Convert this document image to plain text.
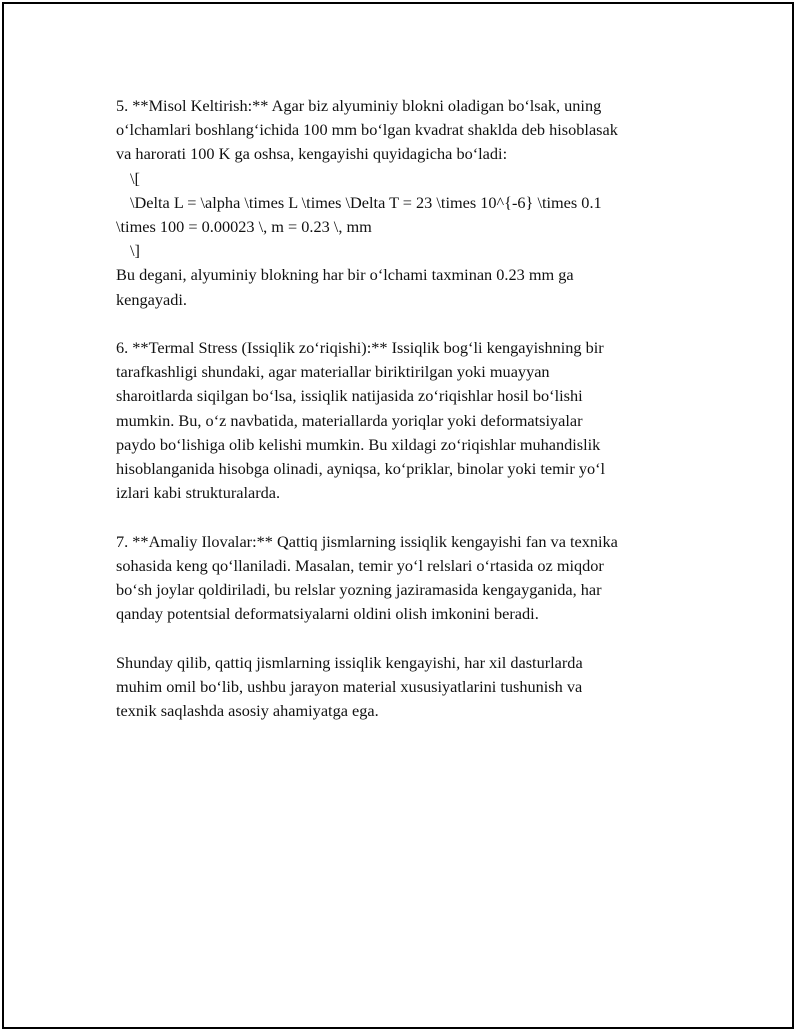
5. **Misol Keltirish:** Agar biz alyuminiy blokni oladigan bo‘lsak, uning
o‘lchamlari boshlang‘ichida 100 mm bo‘lgan kvadrat shaklda deb hisoblasak
va harorati 100 K ga oshsa, kengayishi quyidagicha bo‘ladi:
\[
\Delta L = \alpha \times L \times \Delta T = 23 \times 10^{-6} \times 0.1
\times 100 = 0.00023 \, m = 0.23 \, mm
\]
Bu degani, alyuminiy blokning har bir o‘lchami taxminan 0.23 mm ga
kengayadi.
6. **Termal Stress (Issiqlik zo‘riqishi):** Issiqlik bog‘li kengayishning bir
tarafkashligi shundaki, agar materiallar biriktirilgan yoki muayyan
sharoitlarda siqilgan bo‘lsa, issiqlik natijasida zo‘riqishlar hosil bo‘lishi
mumkin. Bu, o‘z navbatida, materiallarda yoriqlar yoki deformatsiyalar
paydo bo‘lishiga olib kelishi mumkin. Bu xildagi zo‘riqishlar muhandislik
hisoblanganida hisobga olinadi, ayniqsa, ko‘priklar, binolar yoki temir yo‘l
izlari kabi strukturalarda.
7. **Amaliy Ilovalar:** Qattiq jismlarning issiqlik kengayishi fan va texnika
sohasida keng qo‘llaniladi. Masalan, temir yo‘l relslari o‘rtasida oz miqdor
bo‘sh joylar qoldiriladi, bu relslar yozning jaziramasida kengayganida, har
qanday potentsial deformatsiyalarni oldini olish imkonini beradi.
Shunday qilib, qattiq jismlarning issiqlik kengayishi, har xil dasturlarda
muhim omil bo‘lib, ushbu jarayon material xususiyatlarini tushunish va
texnik saqlashda asosiy ahamiyatga ega.
